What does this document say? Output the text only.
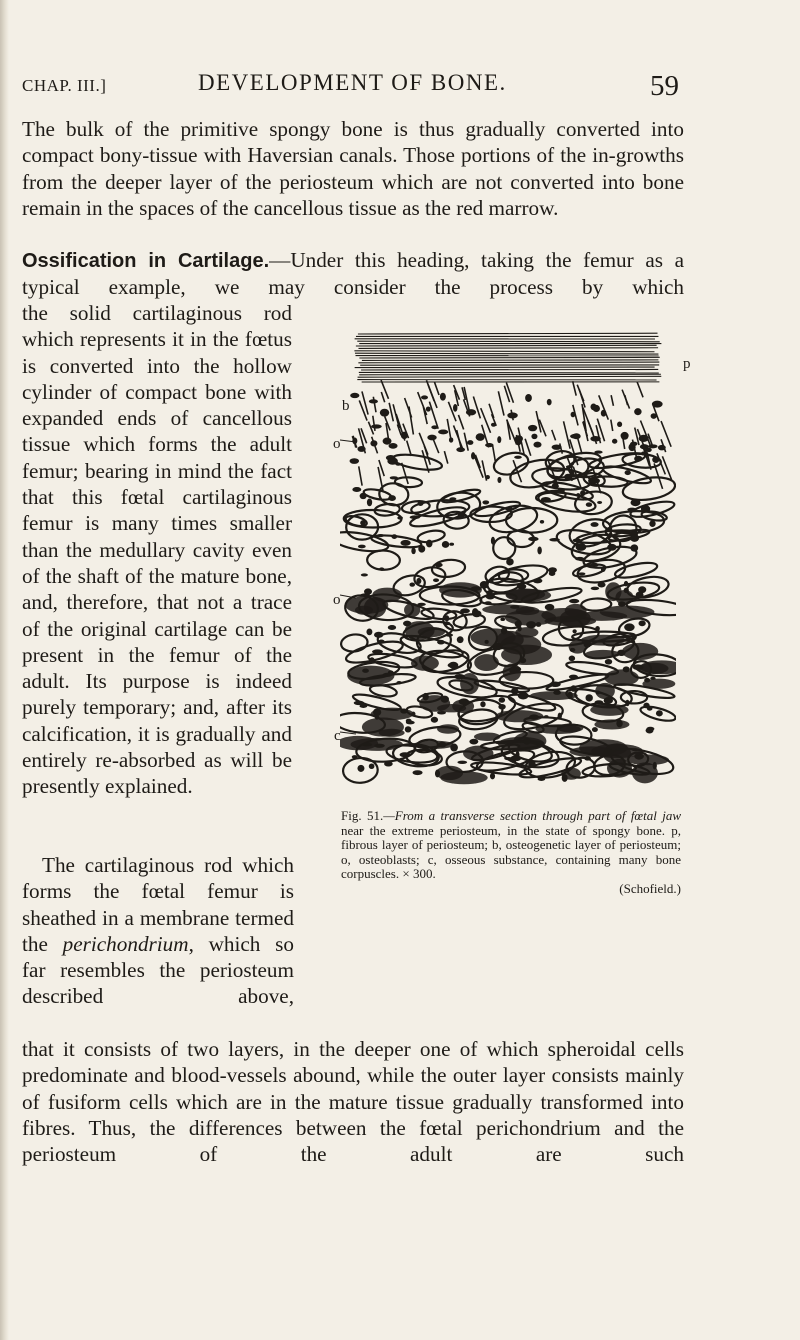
CHAP. III.]	DEVELOPMENT OF BONE.	59

The bulk of the primitive spongy bone is thus gradually converted into compact bony-tissue with Haversian canals. Those portions of the in-growths from the deeper layer of the periosteum which are not converted into bone remain in the spaces of the cancellous tissue as the red marrow.

Ossification in Cartilage.—Under this heading, taking the femur as a typical example, we may consider the process by which

the solid cartilaginous rod which represents it in the fœtus is converted into the hollow cylinder of compact bone with expanded ends of cancellous tissue which forms the adult femur; bearing in mind the fact that this fœtal cartilaginous femur is many times smaller than the medullary cavity even of the shaft of the mature bone, and, therefore, that not a trace of the original cartilage can be present in the femur of the adult. Its purpose is indeed purely temporary; and, after its calcification, it is gradually and entirely re-absorbed as will be presently explained.

The cartilaginous rod which forms the fœtal femur is sheathed in a membrane termed the perichondrium, which so far resembles the periosteum described above,

that it consists of two layers, in the deeper one of which spheroidal cells predominate and blood-vessels abound, while the outer layer consists mainly of fusiform cells which are in the mature tissue gradually transformed into fibres. Thus, the differences between the fœtal perichondrium and the periosteum of the adult are such

p
b
o
o
c
Fig. 51.—From a transverse section through part of fœtal jaw near the extreme periosteum, in the state of spongy bone. p, fibrous layer of periosteum; b, osteogenetic layer of periosteum; o, osteoblasts; c, osseous substance, containing many bone corpuscles. × 300.
(Schofield.)
